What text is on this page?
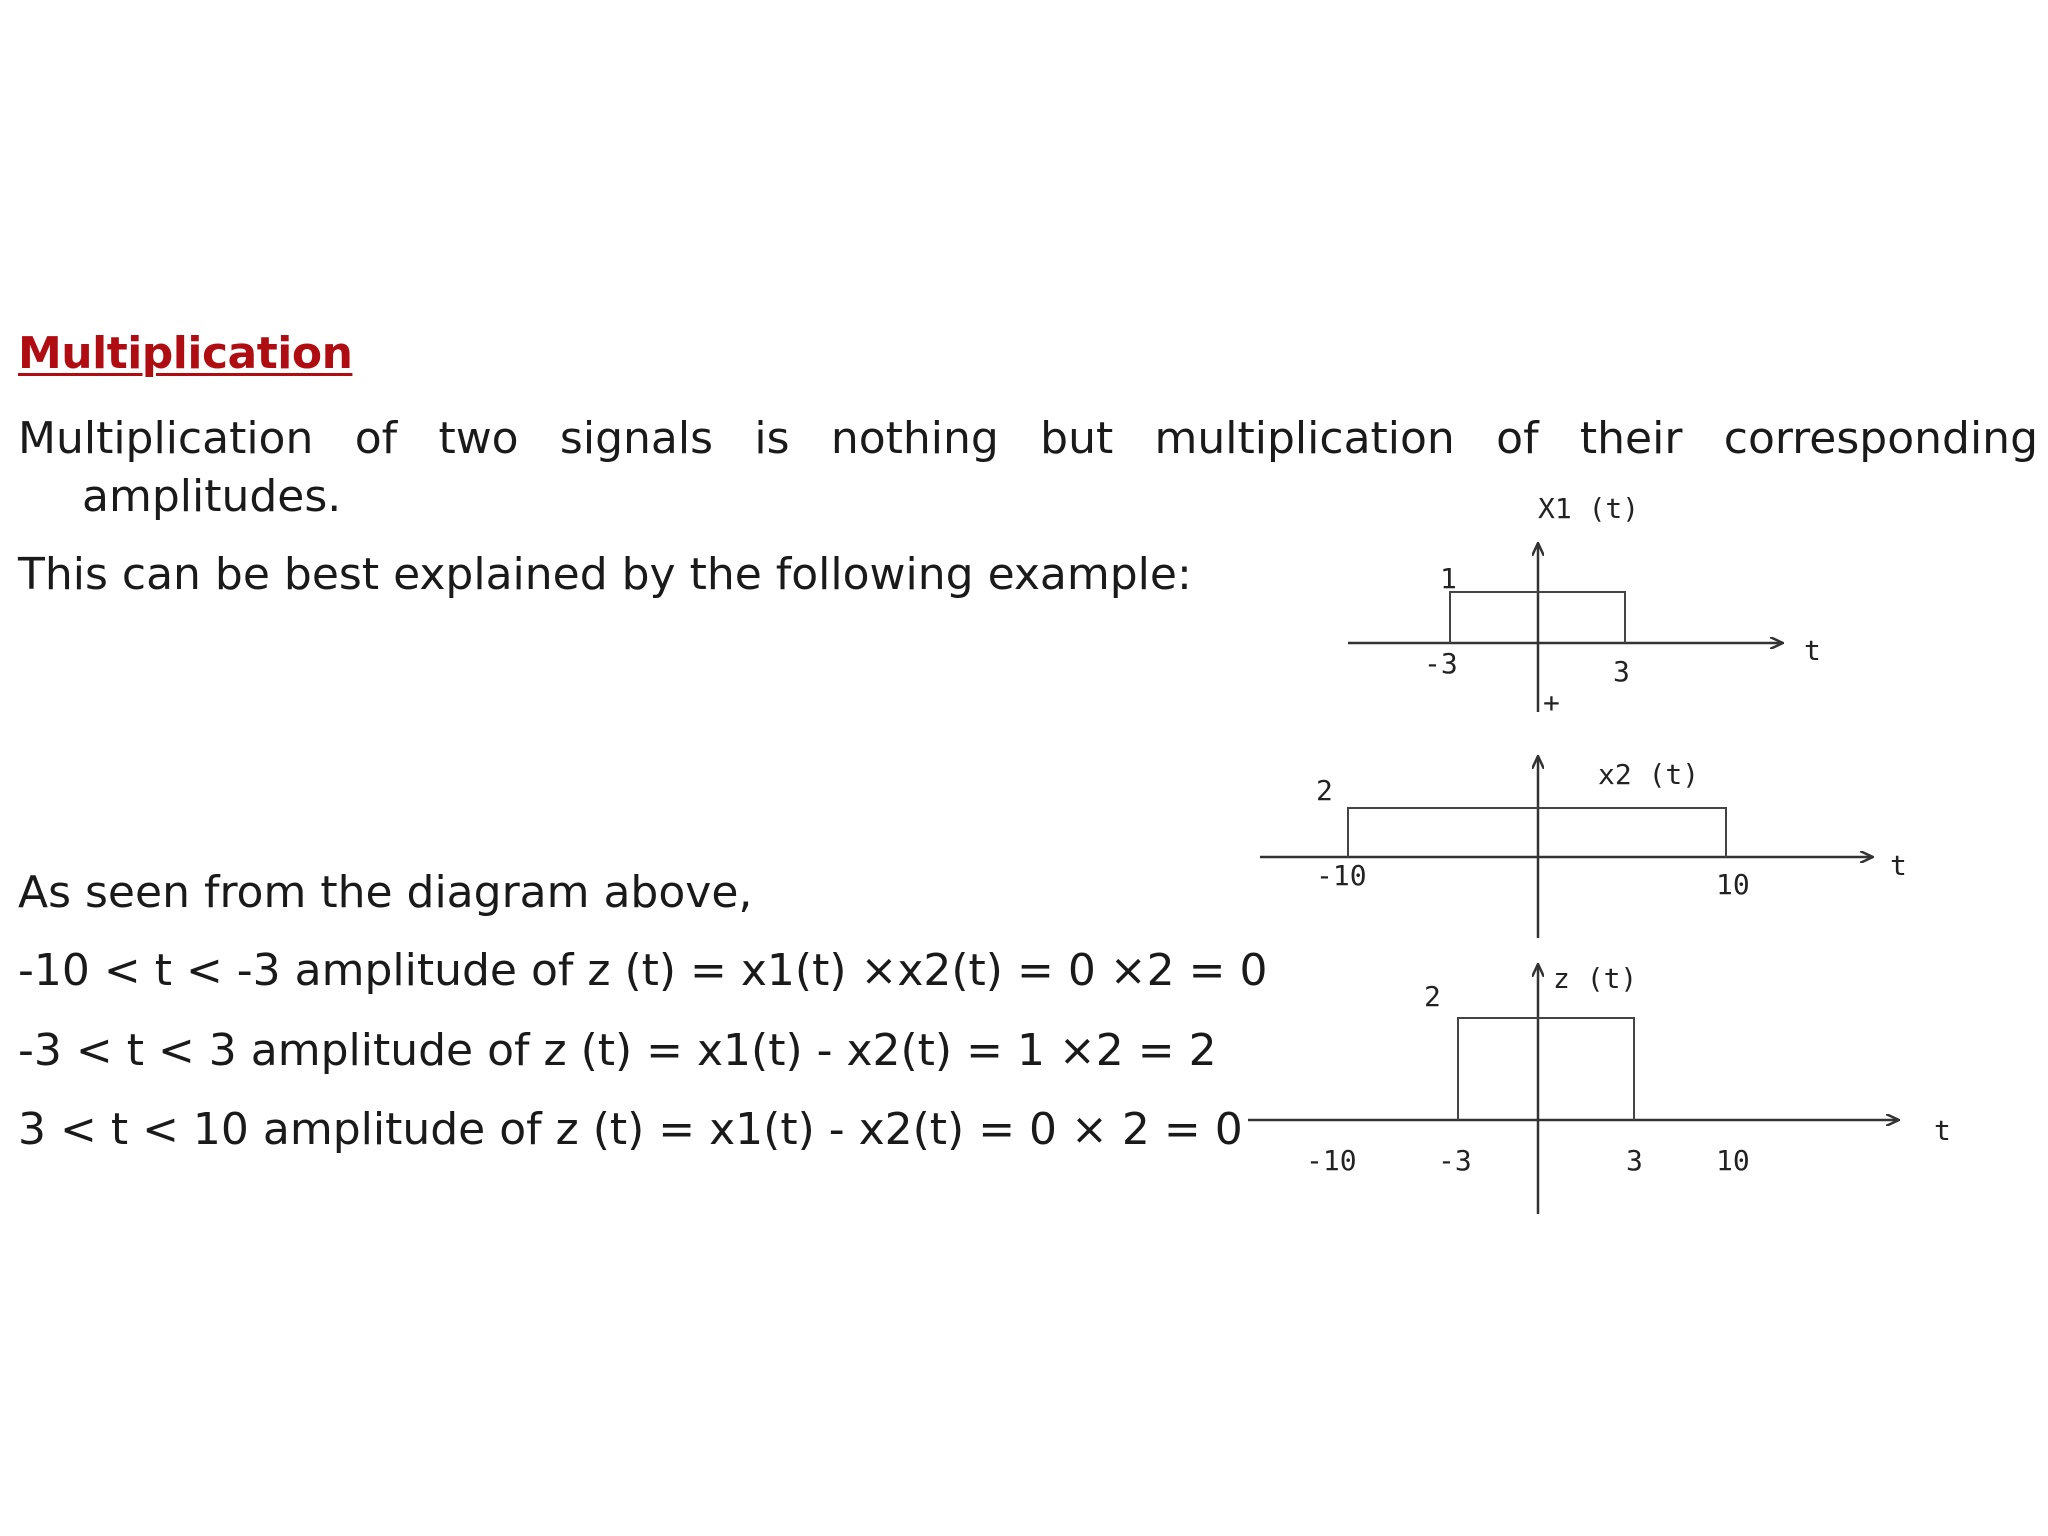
Multiplication
Multiplication of two signals is nothing but multiplication of their corresponding
amplitudes.

This can be best explained by the following example:

As seen from the diagram above,

-10 < t < -3 amplitude of z (t) = x1(t) ×x2(t) = 0 ×2 = 0

-3 < t < 3 amplitude of z (t) = x1(t) - x2(t) = 1 ×2 = 2

3 < t < 10 amplitude of z (t) = x1(t) - x2(t) = 0 × 2 = 0

X1 (t)
t
1
-3	3
+
x2 (t)
t
2
-10	10
z (t)
t
2
-10	-3	3	10
